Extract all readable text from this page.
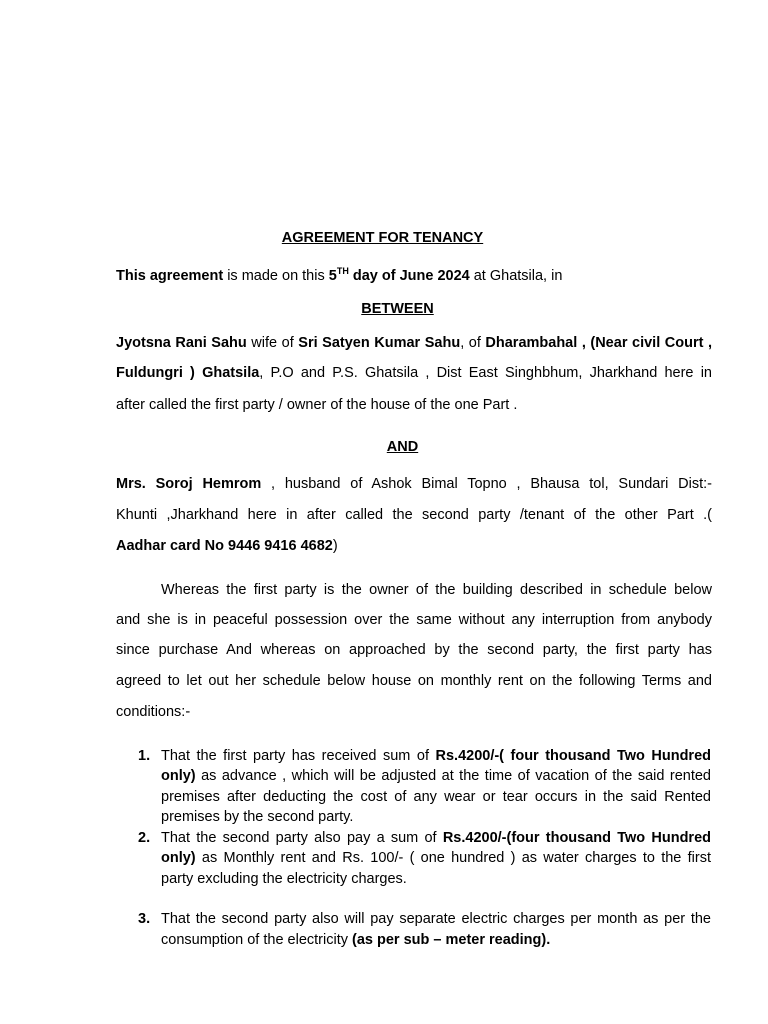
AGREEMENT FOR TENANCY
This agreement is made on this 5TH day of June 2024 at Ghatsila, in
BETWEEN
Jyotsna Rani Sahu wife of Sri Satyen Kumar Sahu, of Dharambahal , (Near civil Court ,
Fuldungri ) Ghatsila, P.O and P.S. Ghatsila , Dist East Singhbhum, Jharkhand here in
after called the first party / owner of the house of the one Part .
AND
Mrs. Soroj Hemrom , husband of Ashok Bimal Topno , Bhausa tol, Sundari Dist:-
Khunti ,Jharkhand here in after called the second party /tenant of the other Part .(
Aadhar card No 9446 9416 4682)
Whereas the first party is the owner of the building described in schedule below
and she is in peaceful possession over the same without any interruption from anybody
since purchase And whereas on approached by the second party, the first party has
agreed to let out her schedule below house on monthly rent on the following Terms and
conditions:-
1. That the first party has received sum of Rs.4200/-( four thousand Two Hundred
only) as advance , which will be adjusted at the time of vacation of the said rented
premises after deducting the cost of any wear or tear occurs in the said Rented
premises by the second party.
2. That the second party also pay a sum of Rs.4200/-(four thousand Two Hundred
only) as Monthly rent and Rs. 100/- ( one hundred ) as water charges to the first
party excluding the electricity charges.
3. That the second party also will pay separate electric charges per month as per the
consumption of the electricity (as per sub – meter reading).
